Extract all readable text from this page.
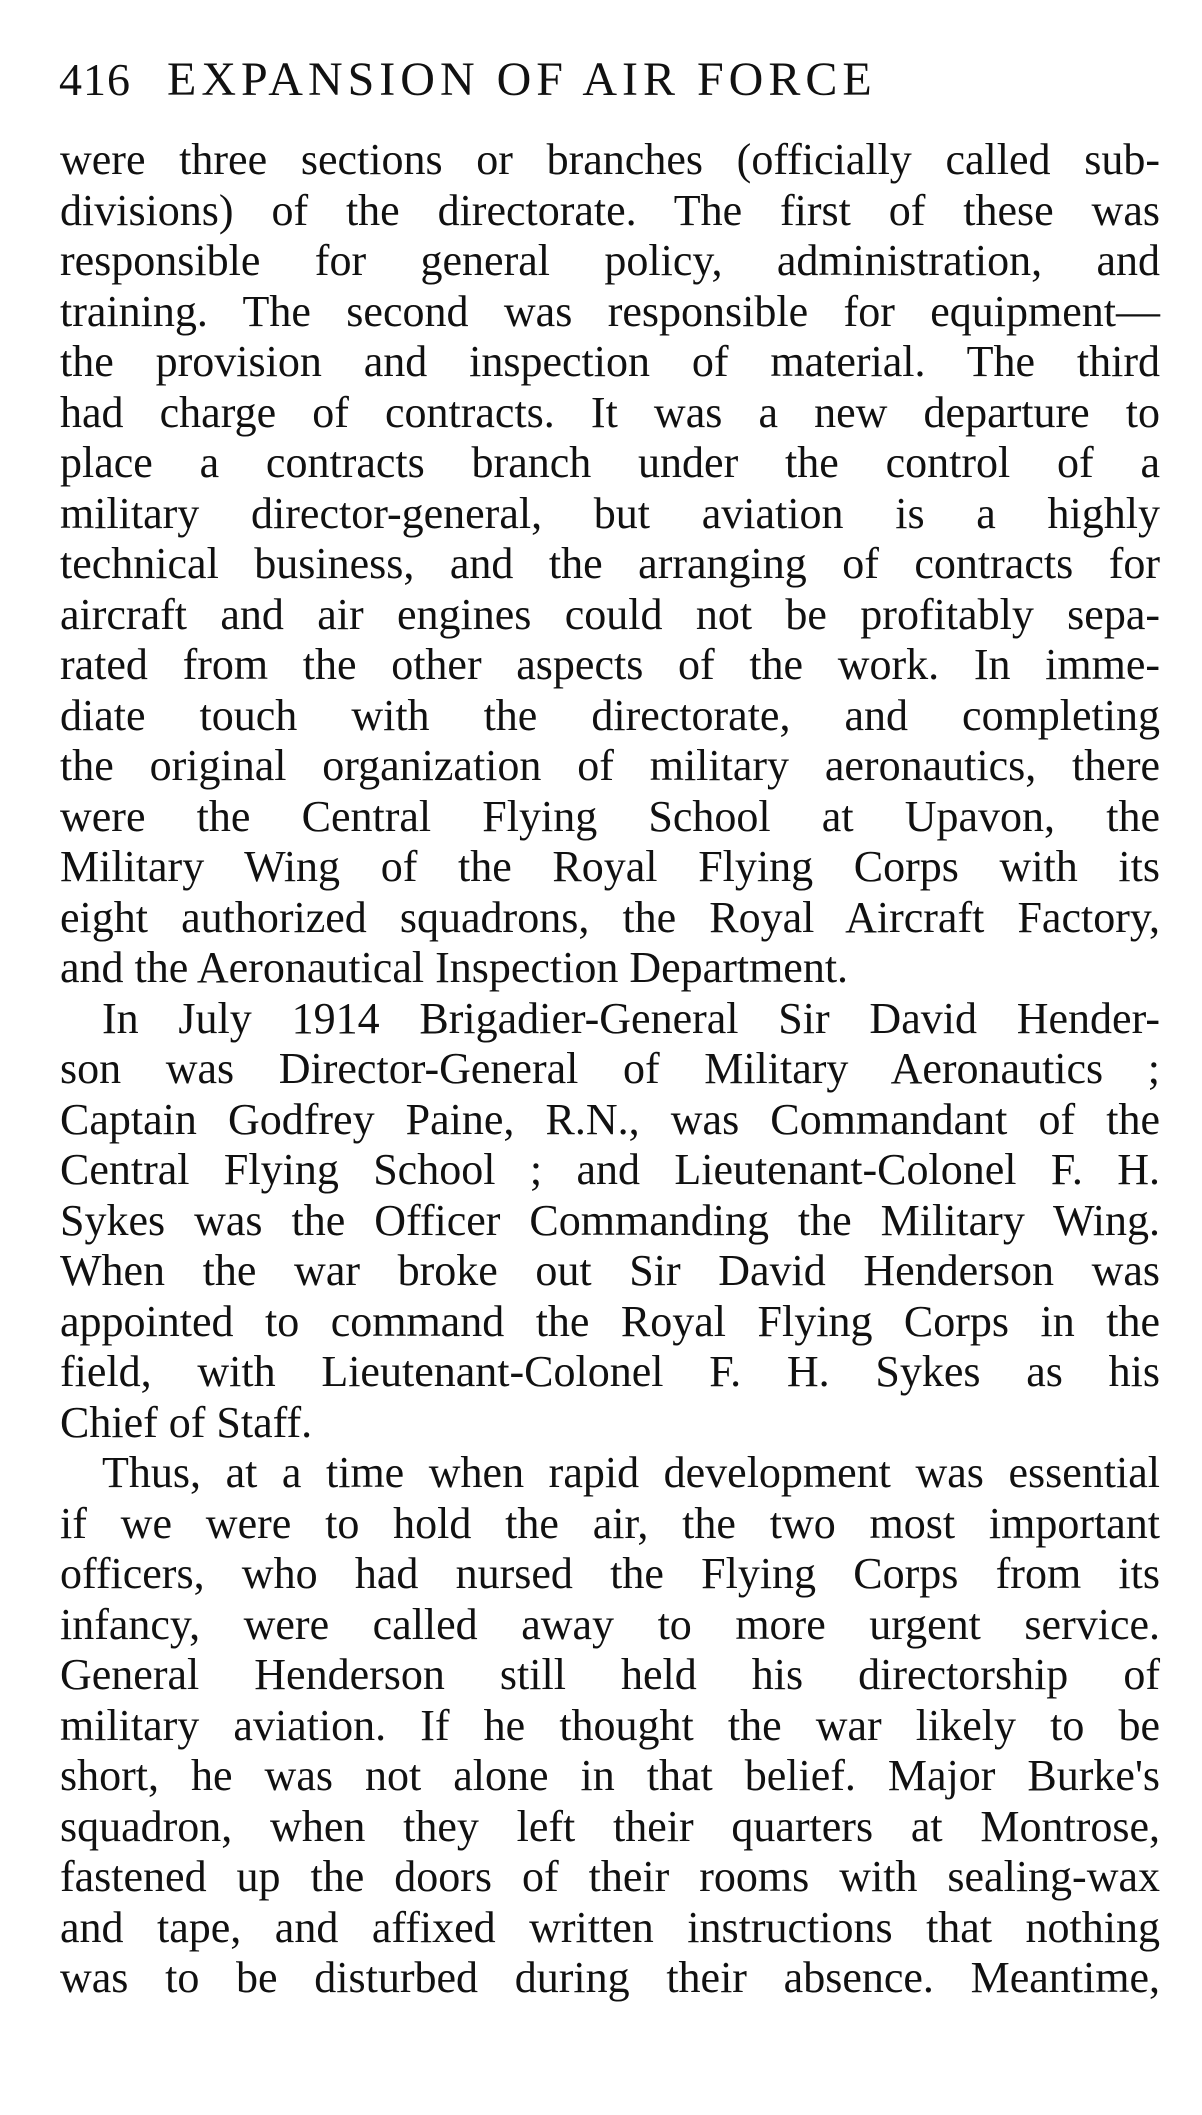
416 EXPANSION OF AIR FORCE
were three sections or branches (officially called sub-
divisions) of the directorate. The first of these was
responsible for general policy, administration, and
training. The second was responsible for equipment—
the provision and inspection of material. The third
had charge of contracts. It was a new departure to
place a contracts branch under the control of a
military director-general, but aviation is a highly
technical business, and the arranging of contracts for
aircraft and air engines could not be profitably sepa-
rated from the other aspects of the work. In imme-
diate touch with the directorate, and completing
the original organization of military aeronautics, there
were the Central Flying School at Upavon, the
Military Wing of the Royal Flying Corps with its
eight authorized squadrons, the Royal Aircraft Factory,
and the Aeronautical Inspection Department.
In July 1914 Brigadier-General Sir David Hender-
son was Director-General of Military Aeronautics ;
Captain Godfrey Paine, R.N., was Commandant of the
Central Flying School ; and Lieutenant-Colonel F. H.
Sykes was the Officer Commanding the Military Wing.
When the war broke out Sir David Henderson was
appointed to command the Royal Flying Corps in the
field, with Lieutenant-Colonel F. H. Sykes as his
Chief of Staff.
Thus, at a time when rapid development was essential
if we were to hold the air, the two most important
officers, who had nursed the Flying Corps from its
infancy, were called away to more urgent service.
General Henderson still held his directorship of
military aviation. If he thought the war likely to be
short, he was not alone in that belief. Major Burke's
squadron, when they left their quarters at Montrose,
fastened up the doors of their rooms with sealing-wax
and tape, and affixed written instructions that nothing
was to be disturbed during their absence. Meantime,
